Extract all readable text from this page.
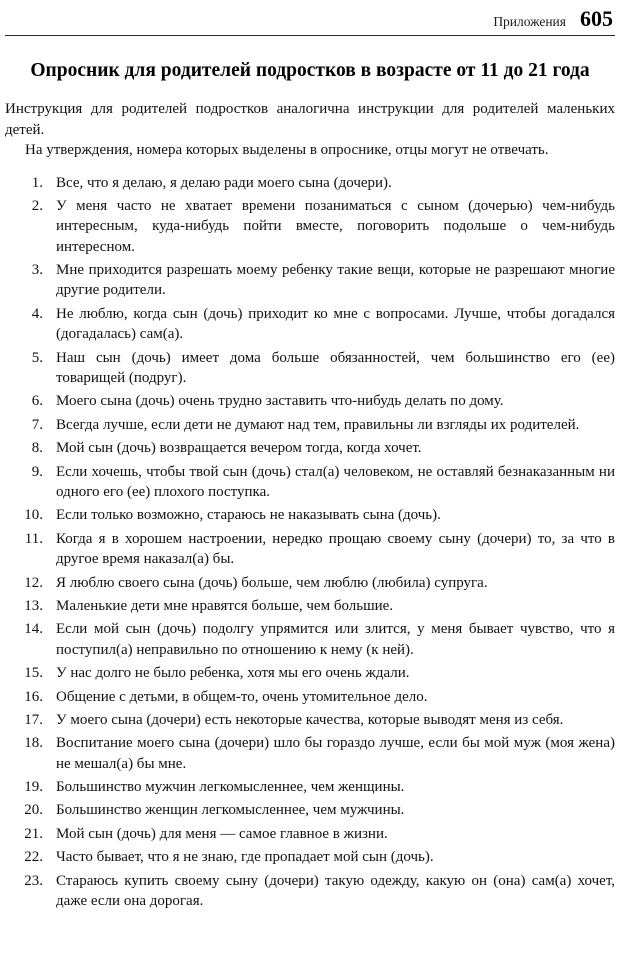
Приложения 605
Опросник для родителей подростков в возрасте от 11 до 21 года

Инструкция для родителей подростков аналогична инструкции для родителей маленьких детей.

На утверждения, номера которых выделены в опроснике, отцы могут не отвечать.

1. Все, что я делаю, я делаю ради моего сына (дочери).
2. У меня часто не хватает времени позаниматься с сыном (дочерью) чем-нибудь интересным, куда-нибудь пойти вместе, поговорить подольше о чем-нибудь интересном.
3. Мне приходится разрешать моему ребенку такие вещи, которые не разрешают многие другие родители.
4. Не люблю, когда сын (дочь) приходит ко мне с вопросами. Лучше, чтобы догадался (догадалась) сам(а).
5. Наш сын (дочь) имеет дома больше обязанностей, чем большинство его (ее) товарищей (подруг).
6. Моего сына (дочь) очень трудно заставить что-нибудь делать по дому.
7. Всегда лучше, если дети не думают над тем, правильны ли взгляды их родителей.
8. Мой сын (дочь) возвращается вечером тогда, когда хочет.
9. Если хочешь, чтобы твой сын (дочь) стал(а) человеком, не оставляй безнаказанным ни одного его (ее) плохого поступка.
10. Если только возможно, стараюсь не наказывать сына (дочь).
11. Когда я в хорошем настроении, нередко прощаю своему сыну (дочери) то, за что в другое время наказал(а) бы.
12. Я люблю своего сына (дочь) больше, чем люблю (любила) супруга.
13. Маленькие дети мне нравятся больше, чем большие.
14. Если мой сын (дочь) подолгу упрямится или злится, у меня бывает чувство, что я поступил(а) неправильно по отношению к нему (к ней).
15. У нас долго не было ребенка, хотя мы его очень ждали.
16. Общение с детьми, в общем-то, очень утомительное дело.
17. У моего сына (дочери) есть некоторые качества, которые выводят меня из себя.
18. Воспитание моего сына (дочери) шло бы гораздо лучше, если бы мой муж (моя жена) не мешал(а) бы мне.
19. Большинство мужчин легкомысленнее, чем женщины.
20. Большинство женщин легкомысленнее, чем мужчины.
21. Мой сын (дочь) для меня — самое главное в жизни.
22. Часто бывает, что я не знаю, где пропадает мой сын (дочь).
23. Стараюсь купить своему сыну (дочери) такую одежду, какую он (она) сам(а) хочет, даже если она дорогая.
